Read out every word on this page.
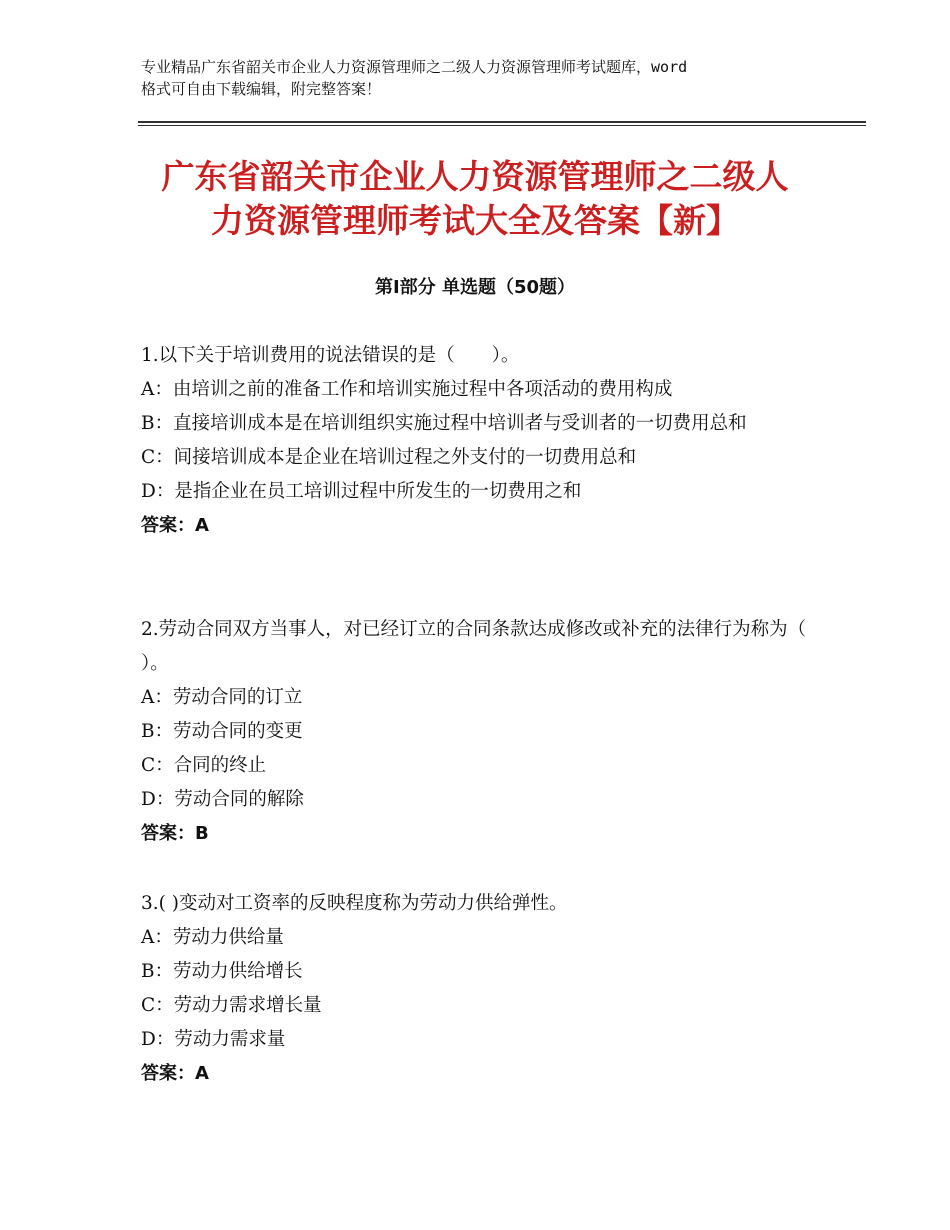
专业精品广东省韶关市企业人力资源管理师之二级人力资源管理师考试题库，word
格式可自由下载编辑，附完整答案！
广东省韶关市企业人力资源管理师之二级人
力资源管理师考试大全及答案【新】
第Ⅰ部分 单选题（50题）
1.以下关于培训费用的说法错误的是（　　）。
A：由培训之前的准备工作和培训实施过程中各项活动的费用构成
B：直接培训成本是在培训组织实施过程中培训者与受训者的一切费用总和
C：间接培训成本是企业在培训过程之外支付的一切费用总和
D：是指企业在员工培训过程中所发生的一切费用之和
答案：A
2.劳动合同双方当事人，对已经订立的合同条款达成修改或补充的法律行为称为（ ）。
A：劳动合同的订立
B：劳动合同的变更
C：合同的终止
D：劳动合同的解除
答案：B
3.( )变动对工资率的反映程度称为劳动力供给弹性。
A：劳动力供给量
B：劳动力供给增长
C：劳动力需求增长量
D：劳动力需求量
答案：A
